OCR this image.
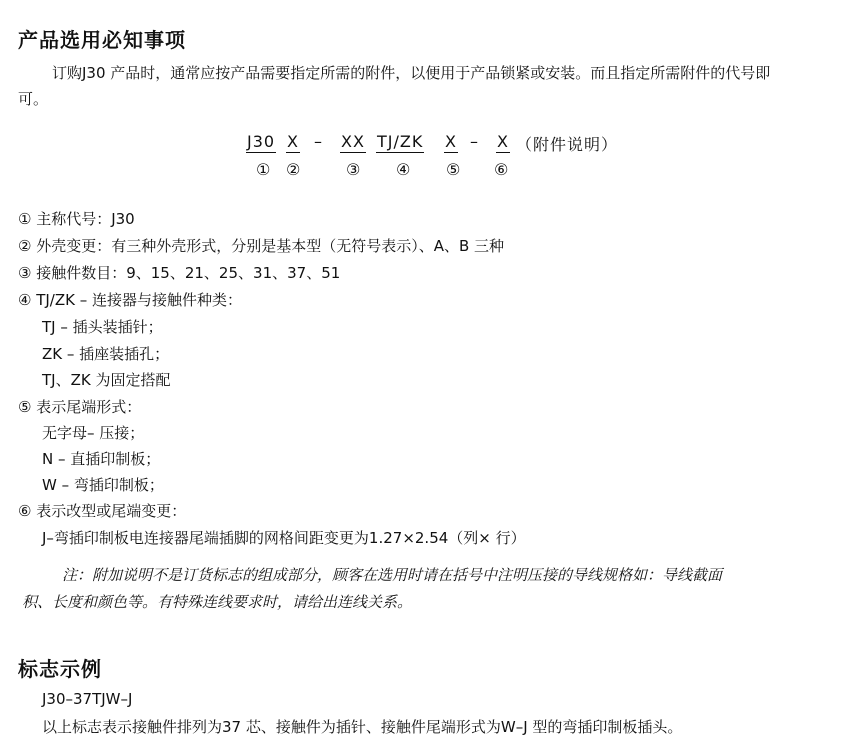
产品选用必知事项
订购J30 产品时，通常应按产品需要指定所需的附件，以便用于产品锁紧或安装。而且指定所需附件的代号即
可。
J30 X – XX TJ/ZK X – X （附件说明）
① ②	③ ④ ⑤ ⑥
① 主称代号：J30
② 外壳变更：有三种外壳形式，分别是基本型（无符号表示）、A、B 三种
③ 接触件数目：9、15、21、25、31、37、51
④ TJ/ZK – 连接器与接触件种类：
TJ – 插头装插针；
ZK – 插座装插孔；
TJ、ZK 为固定搭配
⑤ 表示尾端形式：
无字母– 压接；
N – 直插印制板；
W – 弯插印制板；
⑥ 表示改型或尾端变更：
J–弯插印制板电连接器尾端插脚的网格间距变更为1.27×2.54（列× 行）
注：附加说明不是订货标志的组成部分，顾客在选用时请在括号中注明压接的导线规格如：导线截面
积、长度和颜色等。有特殊连线要求时，请给出连线关系。
标志示例
J30–37TJW–J
以上标志表示接触件排列为37 芯、接触件为插针、接触件尾端形式为W–J 型的弯插印制板插头。
